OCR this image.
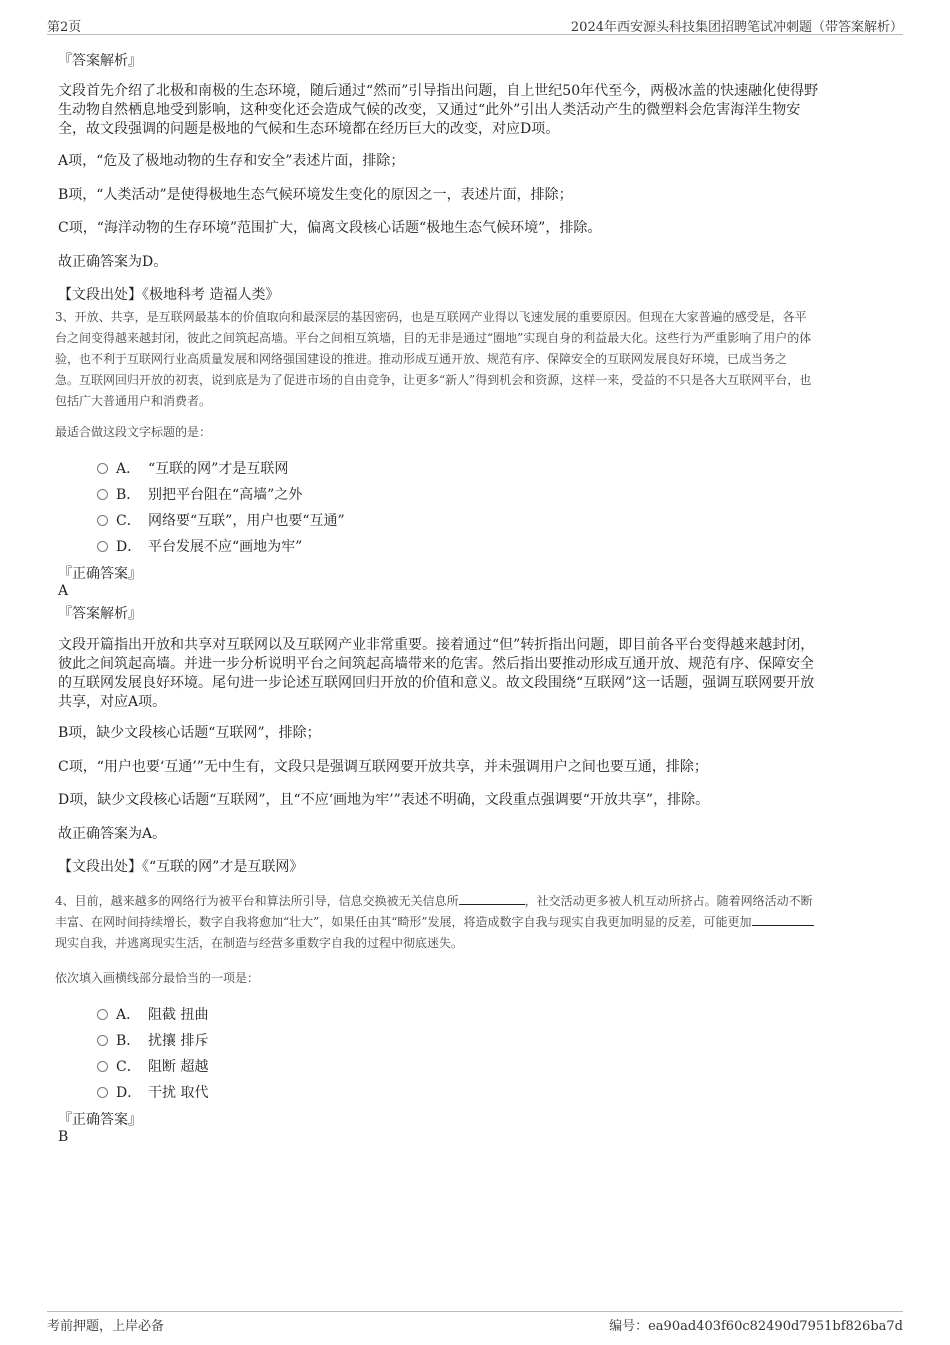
第2页	2024年西安源头科技集团招聘笔试冲刺题（带答案解析）
『答案解析』
文段首先介绍了北极和南极的生态环境，随后通过“然而”引导指出问题，自上世纪50年代至今，两极冰盖的快速融化使得野
生动物自然栖息地受到影响，这种变化还会造成气候的改变，又通过“此外”引出人类活动产生的微塑料会危害海洋生物安
全，故文段强调的问题是极地的气候和生态环境都在经历巨大的改变，对应D项。
A项，“危及了极地动物的生存和安全”表述片面，排除；
B项，“人类活动”是使得极地生态气候环境发生变化的原因之一，表述片面，排除；
C项，“海洋动物的生存环境”范围扩大，偏离文段核心话题“极地生态气候环境”，排除。
故正确答案为D。
【文段出处】《极地科考 造福人类》
3、开放、共享，是互联网最基本的价值取向和最深层的基因密码，也是互联网产业得以飞速发展的重要原因。但现在大家普遍的感受是，各平
台之间变得越来越封闭，彼此之间筑起高墙。平台之间相互筑墙，目的无非是通过“圈地”实现自身的利益最大化。这些行为严重影响了用户的体
验，也不利于互联网行业高质量发展和网络强国建设的推进。推动形成互通开放、规范有序、保障安全的互联网发展良好环境，已成当务之
急。互联网回归开放的初衷，说到底是为了促进市场的自由竞争，让更多“新人”得到机会和资源，这样一来，受益的不只是各大互联网平台，也
包括广大普通用户和消费者。
最适合做这段文字标题的是：
A． “互联的网”才是互联网
B． 别把平台阻在“高墙”之外
C． 网络要“互联”，用户也要“互通”
D． 平台发展不应“画地为牢”
『正确答案』
A
『答案解析』
文段开篇指出开放和共享对互联网以及互联网产业非常重要。接着通过“但”转折指出问题，即目前各平台变得越来越封闭，
彼此之间筑起高墙。并进一步分析说明平台之间筑起高墙带来的危害。然后指出要推动形成互通开放、规范有序、保障安全
的互联网发展良好环境。尾句进一步论述互联网回归开放的价值和意义。故文段围绕“互联网”这一话题，强调互联网要开放
共享，对应A项。
B项，缺少文段核心话题“互联网”，排除；
C项，“用户也要‘互通’”无中生有，文段只是强调互联网要开放共享，并未强调用户之间也要互通，排除；
D项，缺少文段核心话题“互联网”，且“不应‘画地为牢’”表述不明确，文段重点强调要“开放共享”，排除。
故正确答案为A。
【文段出处】《“互联的网”才是互联网》
4、目前，越来越多的网络行为被平台和算法所引导，信息交换被无关信息所	，社交活动更多被人机互动所挤占。随着网络活动不断
丰富、在网时间持续增长，数字自我将愈加“壮大”，如果任由其“畸形”发展，将造成数字自我与现实自我更加明显的反差，可能更加
现实自我，并逃离现实生活，在制造与经营多重数字自我的过程中彻底迷失。
依次填入画横线部分最恰当的一项是：
A． 阻截 扭曲
B． 扰攘 排斥
C． 阻断 超越
D． 干扰 取代
『正确答案』
B
考前押题，上岸必备	编号：ea90ad403f60c82490d7951bf826ba7d
